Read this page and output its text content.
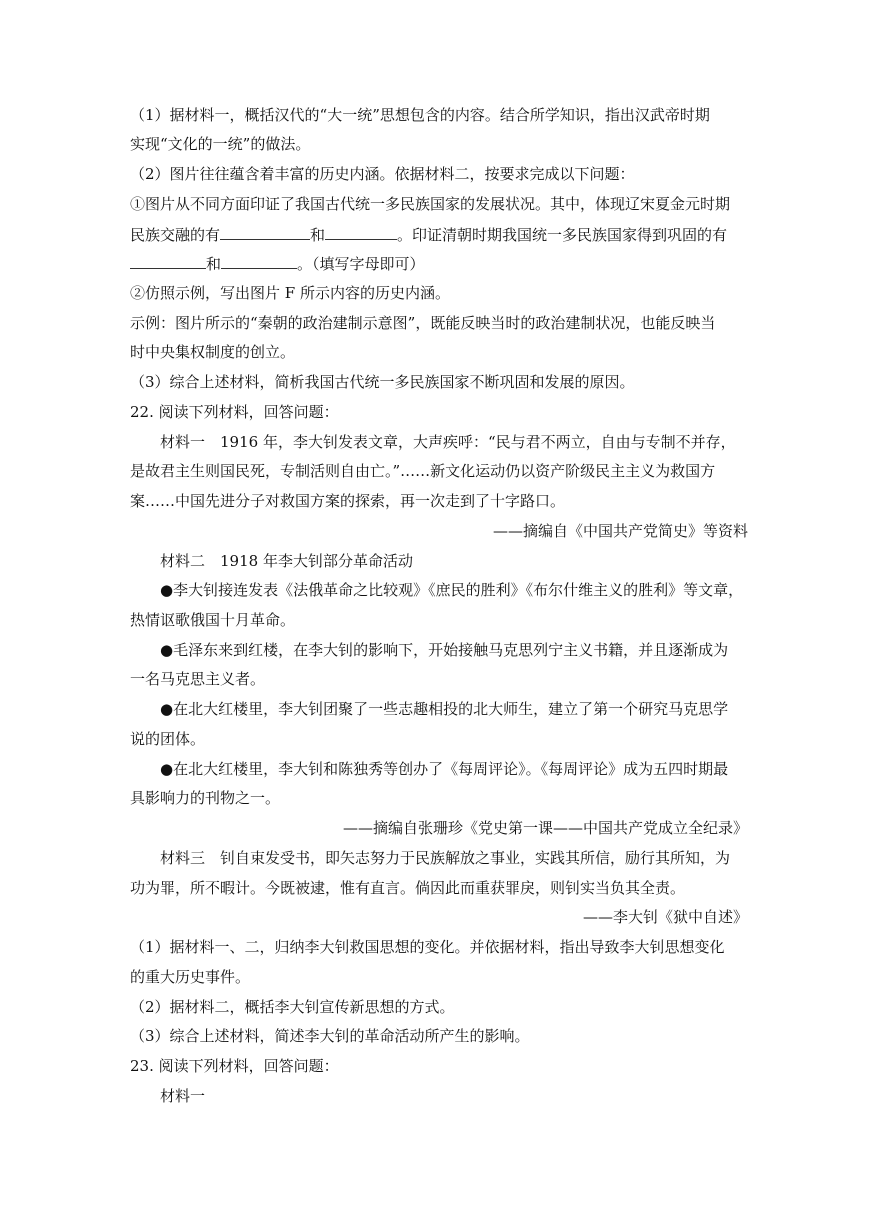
（1）据材料一，概括汉代的“大一统”思想包含的内容。结合所学知识，指出汉武帝时期
实现“文化的一统”的做法。
（2）图片往往蕴含着丰富的历史内涵。依据材料二，按要求完成以下问题：
①图片从不同方面印证了我国古代统一多民族国家的发展状况。其中，体现辽宋夏金元时期
民族交融的有	和	。印证清朝时期我国统一多民族国家得到巩固的有
和	。（填写字母即可）
②仿照示例，写出图片 F 所示内容的历史内涵。
示例：图片所示的“秦朝的政治建制示意图”，既能反映当时的政治建制状况，也能反映当
时中央集权制度的创立。
（3）综合上述材料，简析我国古代统一多民族国家不断巩固和发展的原因。
22. 阅读下列材料，回答问题：
材料一　1916 年，李大钊发表文章，大声疾呼：“民与君不两立，自由与专制不并存，
是故君主生则国民死，专制活则自由亡。”……新文化运动仍以资产阶级民主主义为救国方
案……中国先进分子对救国方案的探索，再一次走到了十字路口。
——摘编自《中国共产党简史》等资料
材料二　1918 年李大钊部分革命活动
●李大钊接连发表《法俄革命之比较观》《庶民的胜利》《布尔什维主义的胜利》等文章，
热情讴歌俄国十月革命。
●毛泽东来到红楼，在李大钊的影响下，开始接触马克思列宁主义书籍，并且逐渐成为
一名马克思主义者。
●在北大红楼里，李大钊团聚了一些志趣相投的北大师生，建立了第一个研究马克思学
说的团体。
●在北大红楼里，李大钊和陈独秀等创办了《每周评论》。《每周评论》成为五四时期最
具影响力的刊物之一。
——摘编自张珊珍《党史第一课——中国共产党成立全纪录》
材料三　钊自束发受书，即矢志努力于民族解放之事业，实践其所信，励行其所知，为
功为罪，所不暇计。今既被逮，惟有直言。倘因此而重获罪戾，则钊实当负其全责。
——李大钊《狱中自述》
（1）据材料一、二，归纳李大钊救国思想的变化。并依据材料，指出导致李大钊思想变化
的重大历史事件。
（2）据材料二，概括李大钊宣传新思想的方式。
（3）综合上述材料，简述李大钊的革命活动所产生的影响。
23. 阅读下列材料，回答问题：
材料一
